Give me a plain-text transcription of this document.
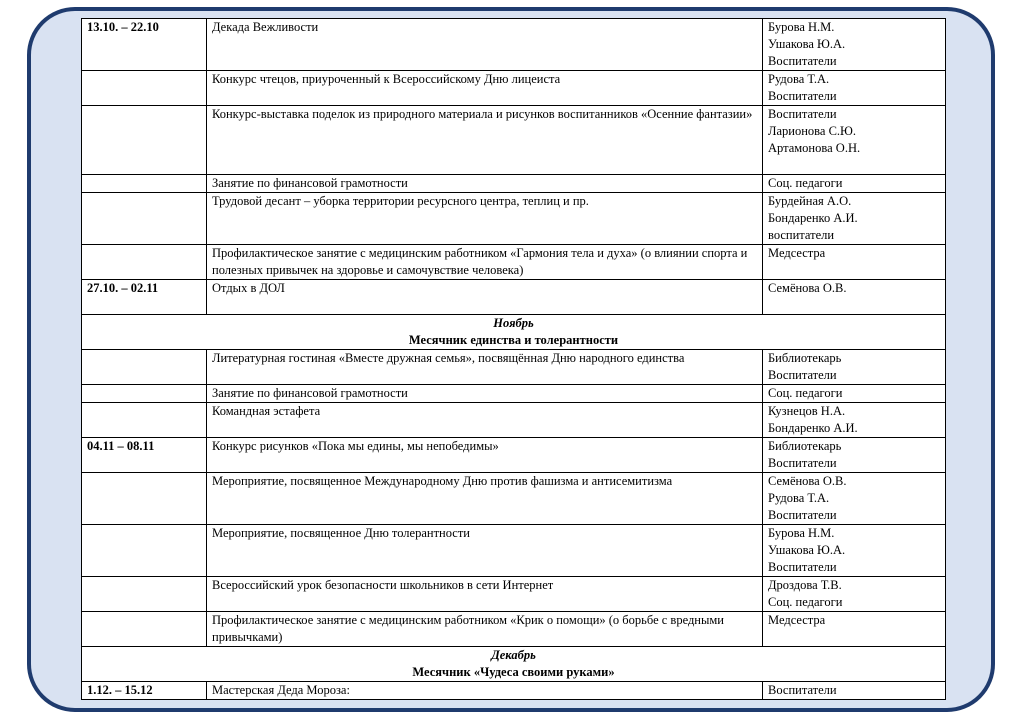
13.10. – 22.10	Декада Вежливости	Бурова Н.М.
Ушакова Ю.А.
Воспитатели

	Конкурс чтецов, приуроченный к Всероссийскому Дню лицеиста	Рудова Т.А.
Воспитатели

	Конкурс-выставка поделок из природного материала и рисунков воспитанников «Осенние фантазии»	Воспитатели
Ларионова С.Ю.
Артамонова О.Н.

	Занятие по финансовой грамотности	Соц. педагоги

	Трудовой десант – уборка территории ресурсного центра, теплиц и пр.	Бурдейная А.О.
Бондаренко А.И.
воспитатели

	Профилактическое занятие с медицинским работником «Гармония тела и духа» (о влиянии спорта и полезных привычек на здоровье и самочувствие человека)	Медсестра

27.10. – 02.11	Отдых в ДОЛ	Семёнова О.В.

Ноябрь
Месячник единства и толерантности		

	Литературная гостиная «Вместе дружная семья», посвящённая Дню народного единства	Библиотекарь
Воспитатели

	Занятие по финансовой грамотности	Соц. педагоги

	Командная эстафета	Кузнецов Н.А.
Бондаренко А.И.

04.11 – 08.11	Конкурс рисунков «Пока мы едины, мы непобедимы»	Библиотекарь
Воспитатели

	Мероприятие, посвященное Международному Дню против фашизма и антисемитизма	Семёнова О.В.
Рудова Т.А.
Воспитатели

	Мероприятие, посвященное Дню толерантности	Бурова Н.М.
Ушакова Ю.А.
Воспитатели

	Всероссийский урок безопасности школьников в сети Интернет	Дроздова Т.В.
Соц. педагоги

	Профилактическое занятие с медицинским работником «Крик о помощи» (о борьбе с вредными привычками)	Медсестра

Декабрь
Месячник «Чудеса своими руками»		

1.12. – 15.12	Мастерская Деда Мороза:	Воспитатели
